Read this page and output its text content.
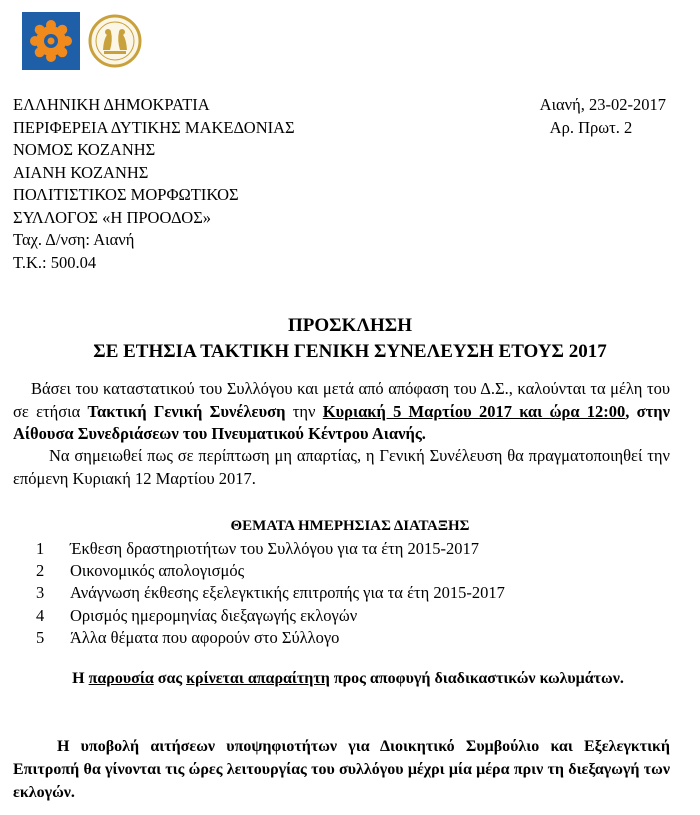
ΕΛΛΗΝΙΚΗ ΔΗΜΟΚΡΑΤΙΑ
ΠΕΡΙΦΕΡΕΙΑ ΔΥΤΙΚΗΣ ΜΑΚΕΔΟΝΙΑΣ
ΝΟΜΟΣ ΚΟΖΑΝΗΣ
ΑΙΑΝΗ ΚΟΖΑΝΗΣ
ΠΟΛΙΤΙΣΤΙΚΟΣ ΜΟΡΦΩΤΙΚΟΣ
ΣΥΛΛΟΓΟΣ «Η ΠΡΟΟΔΟΣ»
Ταχ. Δ/νση: Αιανή
Τ.Κ.: 500.04
Αιανή, 23-02-2017
Αρ. Πρωτ. 2
ΠΡΟΣΚΛΗΣΗ
ΣΕ ΕΤΗΣΙΑ ΤΑΚΤΙΚΗ ΓΕΝΙΚΗ ΣΥΝΕΛΕΥΣΗ ΕΤΟΥΣ 2017
Βάσει του καταστατικού του Συλλόγου και μετά από απόφαση του Δ.Σ., καλούνται τα μέλη του σε ετήσια Τακτική Γενική Συνέλευση την Κυριακή 5 Μαρτίου 2017 και ώρα 12:00, στην Αίθουσα Συνεδριάσεων του Πνευματικού Κέντρου Αιανής.
Να σημειωθεί πως σε περίπτωση μη απαρτίας, η Γενική Συνέλευση θα πραγματοποιηθεί την επόμενη Κυριακή 12 Μαρτίου 2017.
ΘΕΜΑΤΑ ΗΜΕΡΗΣΙΑΣ ΔΙΑΤΑΞΗΣ
1 Έκθεση δραστηριοτήτων του Συλλόγου για τα έτη 2015-2017
2 Οικονομικός απολογισμός
3 Ανάγνωση έκθεσης εξελεγκτικής επιτροπής για τα έτη 2015-2017
4 Ορισμός ημερομηνίας διεξαγωγής εκλογών
5 Άλλα θέματα που αφορούν στο Σύλλογο
Η παρουσία σας κρίνεται απαραίτητη προς αποφυγή διαδικαστικών κωλυμάτων.
Η υποβολή αιτήσεων υποψηφιοτήτων για Διοικητικό Συμβούλιο και Εξελεγκτική Επιτροπή θα γίνονται τις ώρες λειτουργίας του συλλόγου μέχρι μία μέρα πριν τη διεξαγωγή των εκλογών.
